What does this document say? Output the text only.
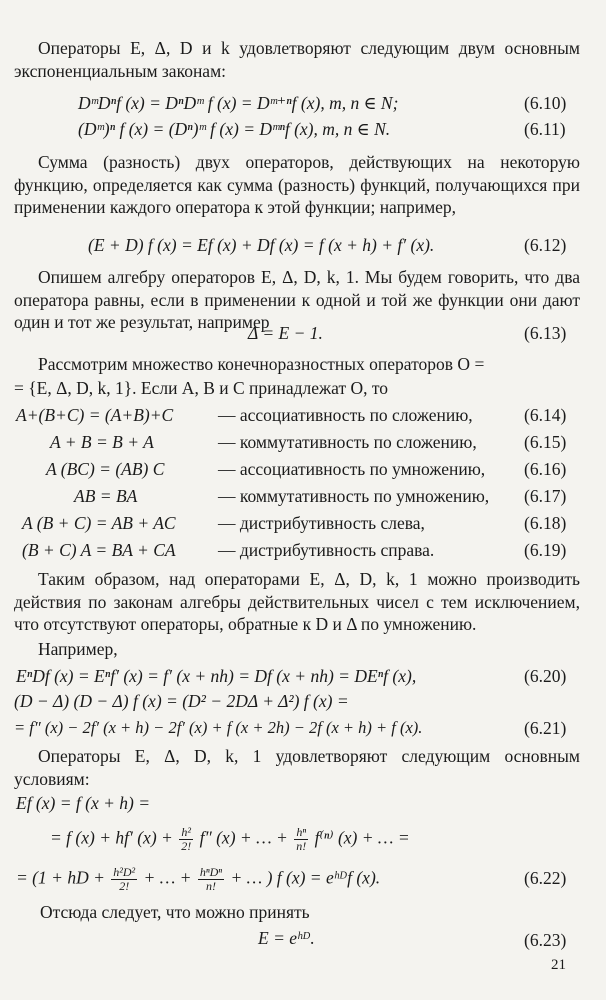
Операторы E, Δ, D и k удовлетворяют следующим двум основным экспоненциальным законам:

DᵐDⁿf (x) = DⁿDᵐ f (x) = Dᵐ⁺ⁿf (x), m, n ∈ N;	(6.10)
(Dᵐ)ⁿ f (x) = (Dⁿ)ᵐ f (x) = Dᵐⁿf (x), m, n ∈ N.	(6.11)

Сумма (разность) двух операторов, действующих на некоторую функцию, определяется как сумма (разность) функций, получающихся при применении каждого оператора к этой функции; например,

(E + D) f (x) = Ef (x) + Df (x) = f (x + h) + f′ (x).	(6.12)

Опишем алгебру операторов E, Δ, D, k, 1. Мы будем говорить, что два оператора равны, если в применении к одной и той же функции они дают один и тот же результат, например

Δ = E − 1.	(6.13)
Рассмотрим множество конечноразностных операторов O =
= {E, Δ, D, k, 1}. Если A, B и C принадлежат O, то
A+(B+C) = (A+B)+C	— ассоциативность по сложению,	(6.14)
A + B = B + A	— коммутативность по сложению,	(6.15)
A (BC) = (AB) C	— ассоциативность по умножению, (6.16)
AB = BA	— коммутативность по умножению, (6.17)
A (B + C) = AB + AC — дистрибутивность слева,	(6.18)
(B + C) A = BA + CA — дистрибутивность справа.	(6.19)

Таким образом, над операторами E, Δ, D, k, 1 можно производить действия по законам алгебры действительных чисел с тем исключением, что отсутствуют операторы, обратные к D и Δ по умножению.

Например,
EⁿDf (x) = Eⁿf′ (x) = f′ (x + nh) = Df (x + nh) = DEⁿf (x),	(6.20)
(D − Δ) (D − Δ) f (x) = (D² − 2DΔ + Δ²) f (x) =
= f″ (x) − 2f′ (x + h) − 2f′ (x) + f (x + 2h) − 2f (x + h) + f (x).	(6.21)

Операторы E, Δ, D, k, 1 удовлетворяют следующим основным условиям:

Ef (x) = f (x + h) =
= f (x) + hf′ $(x) + \frac{\text{h²}}{2!} f''$ (x) + … + $\frac{\text{hⁿ}}{n!} f^{(n)}$ (x) + … =
= (1 + hD + $\frac{\text{h²D²}}{2!}$ + … + $\frac{\text{hⁿDⁿ}}{n!}$ + … ) f (x) = eʰᴰf (x).	(6.22)
Отсюда следует, что можно принять
E = eʰᴰ.	(6.23)
21
